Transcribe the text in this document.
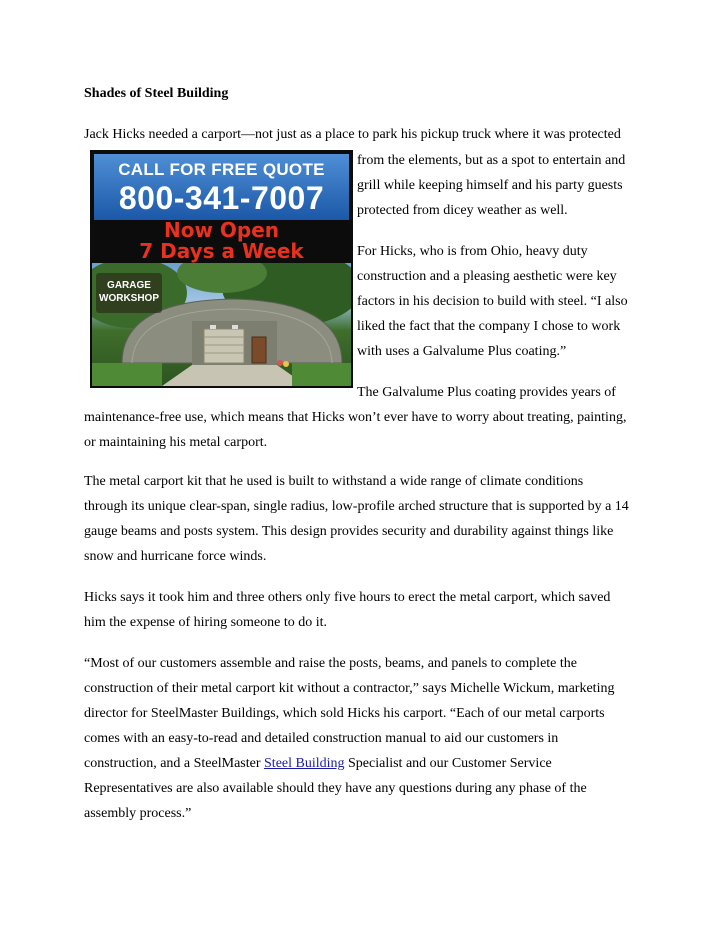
Shades of Steel Building
Jack Hicks needed a carport—not just as a place to park his pickup truck where it was protected
CALL FOR FREE QUOTE
800-341-7007
Now Open
7 Days a Week
GARAGE
WORKSHOP
from the elements, but as a spot to entertain and
grill while keeping himself and his party guests
protected from dicey weather as well.
For Hicks, who is from Ohio, heavy duty
construction and a pleasing aesthetic were key
factors in his decision to build with steel. “I also
liked the fact that the company I chose to work
with uses a Galvalume Plus coating.”
The Galvalume Plus coating provides years of
maintenance-free use, which means that Hicks won’t ever have to worry about treating, painting,
or maintaining his metal carport.
The metal carport kit that he used is built to withstand a wide range of climate conditions
through its unique clear-span, single radius, low-profile arched structure that is supported by a 14
gauge beams and posts system. This design provides security and durability against things like
snow and hurricane force winds.
Hicks says it took him and three others only five hours to erect the metal carport, which saved
him the expense of hiring someone to do it.
“Most of our customers assemble and raise the posts, beams, and panels to complete the
construction of their metal carport kit without a contractor,” says Michelle Wickum, marketing
director for SteelMaster Buildings, which sold Hicks his carport. “Each of our metal carports
comes with an easy-to-read and detailed construction manual to aid our customers in
construction, and a SteelMaster Steel Building Specialist and our Customer Service
Representatives are also available should they have any questions during any phase of the
assembly process.”
